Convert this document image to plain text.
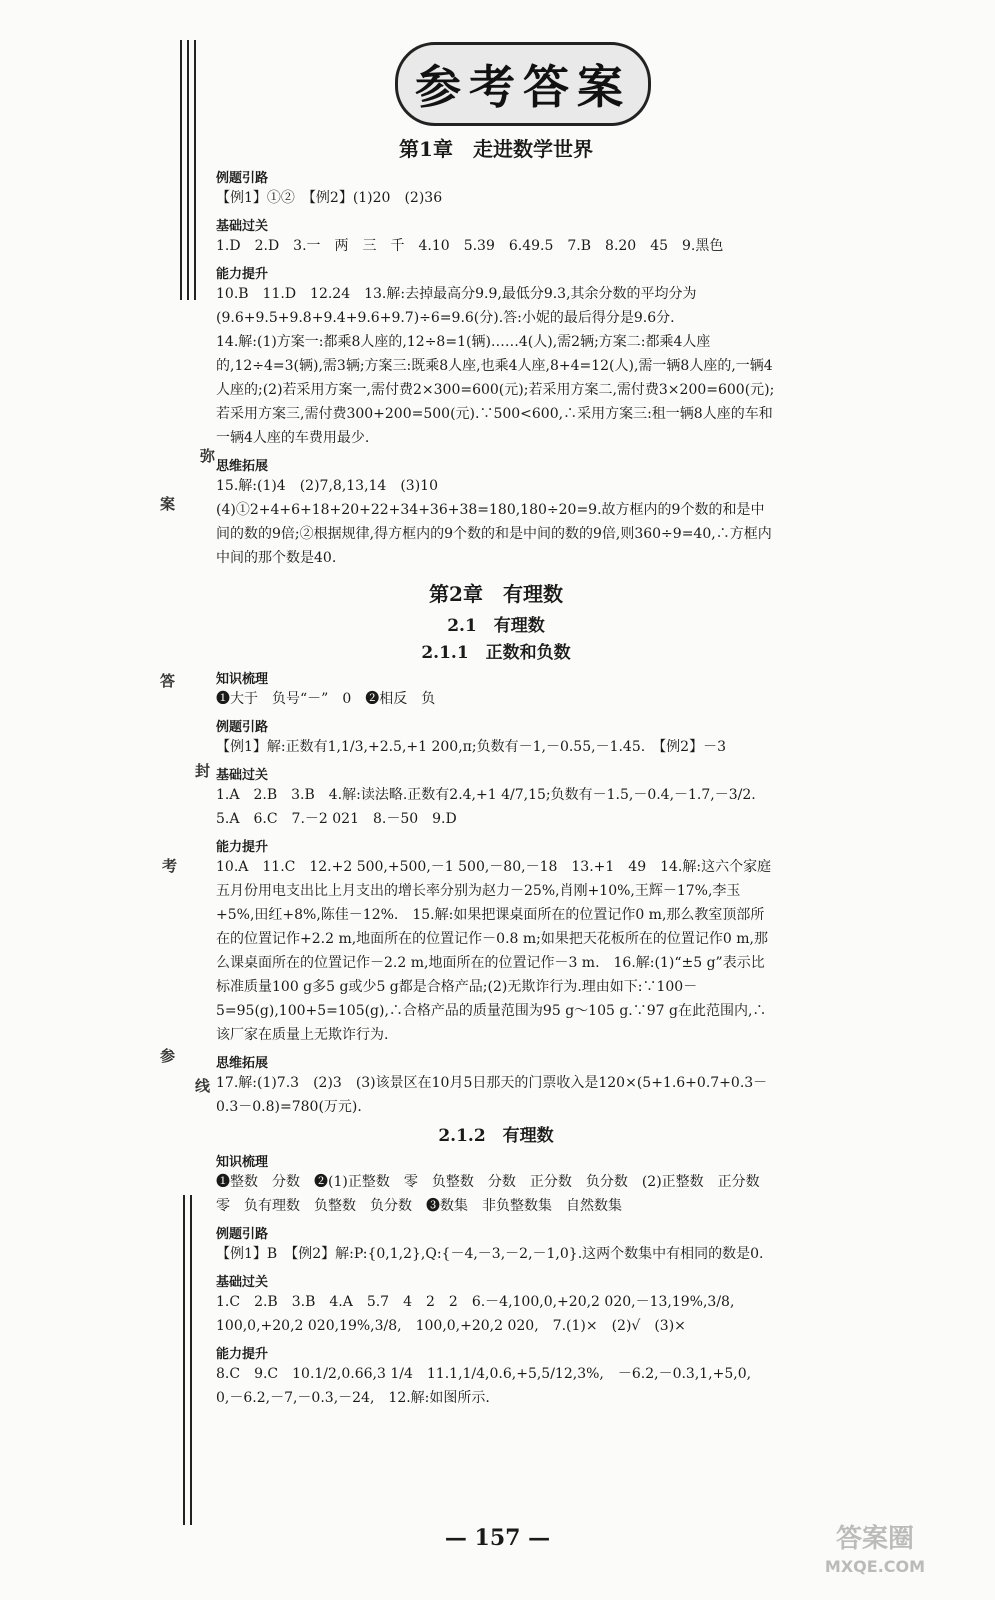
弥
案
答
封
考
参
线
参考答案
第1章　走进数学世界
例题引路
【例1】①②　【例2】(1)20　(2)36
基础过关
1.D　2.D　3.一　两　三　千　4.10　5.39　6.49.5　7.B　8.20　45　9.黑色
能力提升
10.B　11.D　12.24　13.解:去掉最高分9.9,最低分9.3,其余分数的平均分为(9.6+9.5+9.8+9.4+9.6+9.7)÷6=9.6(分).答:小妮的最后得分是9.6分.
14.解:(1)方案一:都乘8人座的,12÷8=1(辆)……4(人),需2辆;方案二:都乘4人座的,12÷4=3(辆),需3辆;方案三:既乘8人座,也乘4人座,8+4=12(人),需一辆8人座的,一辆4人座的;(2)若采用方案一,需付费2×300=600(元);若采用方案二,需付费3×200=600(元);若采用方案三,需付费300+200=500(元).∵500<600,∴采用方案三:租一辆8人座的车和一辆4人座的车费用最少.
思维拓展
15.解:(1)4　(2)7,8,13,14　(3)10　(4)①2+4+6+18+20+22+34+36+38=180,180÷20=9.故方框内的9个数的和是中间的数的9倍;②根据规律,得方框内的9个数的和是中间的数的9倍,则360÷9=40,∴方框内中间的那个数是40.
第2章　有理数
2.1　有理数
2.1.1　正数和负数
知识梳理
❶大于　负号“－”　0　❷相反　负
例题引路
【例1】解:正数有1,1/3,+2.5,+1 200,π;负数有－1,－0.55,－1.45.　【例2】－3
基础过关
1.A　2.B　3.B　4.解:读法略.正数有2.4,+1 4/7,15;负数有－1.5,－0.4,－1.7,－3/2.　5.A　6.C　7.－2 021　8.－50　9.D
能力提升
10.A　11.C　12.+2 500,+500,－1 500,－80,－18　13.+1　49　14.解:这六个家庭五月份用电支出比上月支出的增长率分别为赵力－25%,肖刚+10%,王辉－17%,李玉+5%,田红+8%,陈佳－12%.　15.解:如果把课桌面所在的位置记作0 m,那么教室顶部所在的位置记作+2.2 m,地面所在的位置记作－0.8 m;如果把天花板所在的位置记作0 m,那么课桌面所在的位置记作－2.2 m,地面所在的位置记作－3 m.　16.解:(1)“±5 g”表示比标准质量100 g多5 g或少5 g都是合格产品;(2)无欺诈行为.理由如下:∵100－5=95(g),100+5=105(g),∴合格产品的质量范围为95 g～105 g.∵97 g在此范围内,∴该厂家在质量上无欺诈行为.
思维拓展
17.解:(1)7.3　(2)3　(3)该景区在10月5日那天的门票收入是120×(5+1.6+0.7+0.3－0.3－0.8)=780(万元).
2.1.2　有理数
知识梳理
❶整数　分数　❷(1)正整数　零　负整数　分数　正分数　负分数　(2)正整数　正分数　零　负有理数　负整数　负分数　❸数集　非负整数集　自然数集
例题引路
【例1】B　【例2】解:P:{0,1,2},Q:{－4,－3,－2,－1,0}.这两个数集中有相同的数是0.
基础过关
1.C　2.B　3.B　4.A　5.7　4　2　2　6.－4,100,0,+20,2 020,－13,19%,3/8,　100,0,+20,2 020,19%,3/8,　100,0,+20,2 020,　7.(1)×　(2)√　(3)×
能力提升
8.C　9.C　10.1/2,0.66,3 1/4　11.1,1/4,0.6,+5,5/12,3%,　－6.2,－0.3,1,+5,0,　0,－6.2,－7,－0.3,－24,　12.解:如图所示.
— 157 —	答案圈
MXQE.COM
